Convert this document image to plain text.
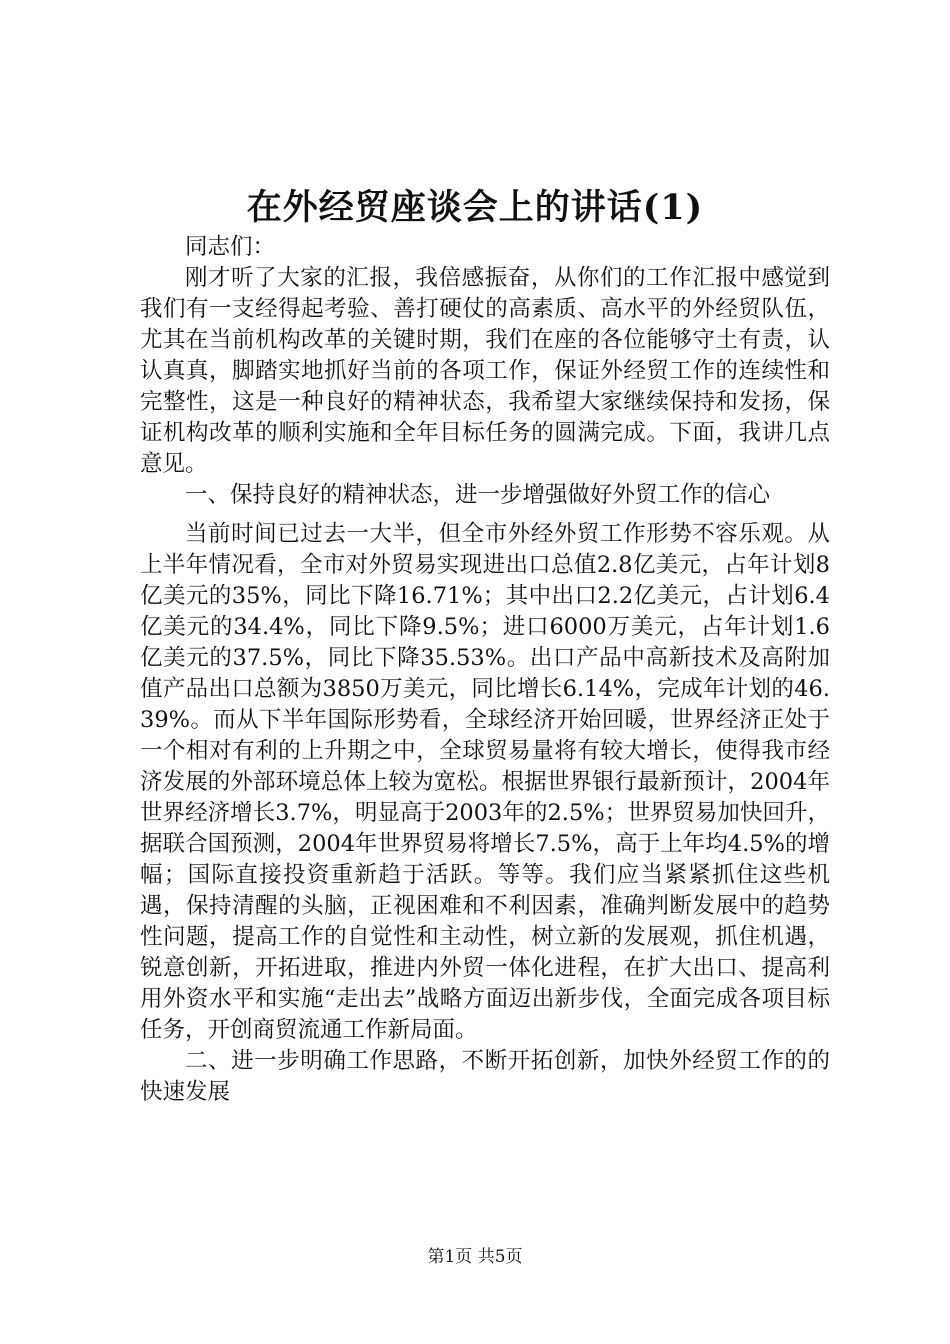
在外经贸座谈会上的讲话(1)

同志们：

刚才听了大家的汇报，我倍感振奋，从你们的工作汇报中感觉到我们有一支经得起考验、善打硬仗的高素质、高水平的外经贸队伍，尤其在当前机构改革的关键时期，我们在座的各位能够守土有责，认认真真，脚踏实地抓好当前的各项工作，保证外经贸工作的连续性和完整性，这是一种良好的精神状态，我希望大家继续保持和发扬，保证机构改革的顺利实施和全年目标任务的圆满完成。下面，我讲几点意见。

一、保持良好的精神状态，进一步增强做好外贸工作的信心

当前时间已过去一大半，但全市外经外贸工作形势不容乐观。从上半年情况看，全市对外贸易实现进出口总值2.8亿美元，占年计划8亿美元的35%，同比下降16.71%；其中出口2.2亿美元，占计划6.4亿美元的34.4%，同比下降9.5%；进口6000万美元，占年计划1.6亿美元的37.5%，同比下降35.53%。出口产品中高新技术及高附加值产品出口总额为3850万美元，同比增长6.14%，完成年计划的46.39%。而从下半年国际形势看，全球经济开始回暖，世界经济正处于一个相对有利的上升期之中，全球贸易量将有较大增长，使得我市经济发展的外部环境总体上较为宽松。根据世界银行最新预计，2004年世界经济增长3.7%，明显高于2003年的2.5%；世界贸易加快回升，据联合国预测，2004年世界贸易将增长7.5%，高于上年均4.5%的增幅；国际直接投资重新趋于活跃。等等。我们应当紧紧抓住这些机遇，保持清醒的头脑，正视困难和不利因素，准确判断发展中的趋势性问题，提高工作的自觉性和主动性，树立新的发展观，抓住机遇，锐意创新，开拓进取，推进内外贸一体化进程，在扩大出口、提高利用外资水平和实施“走出去”战略方面迈出新步伐，全面完成各项目标任务，开创商贸流通工作新局面。

二、进一步明确工作思路，不断开拓创新，加快外经贸工作的的快速发展

第1页 共5页
